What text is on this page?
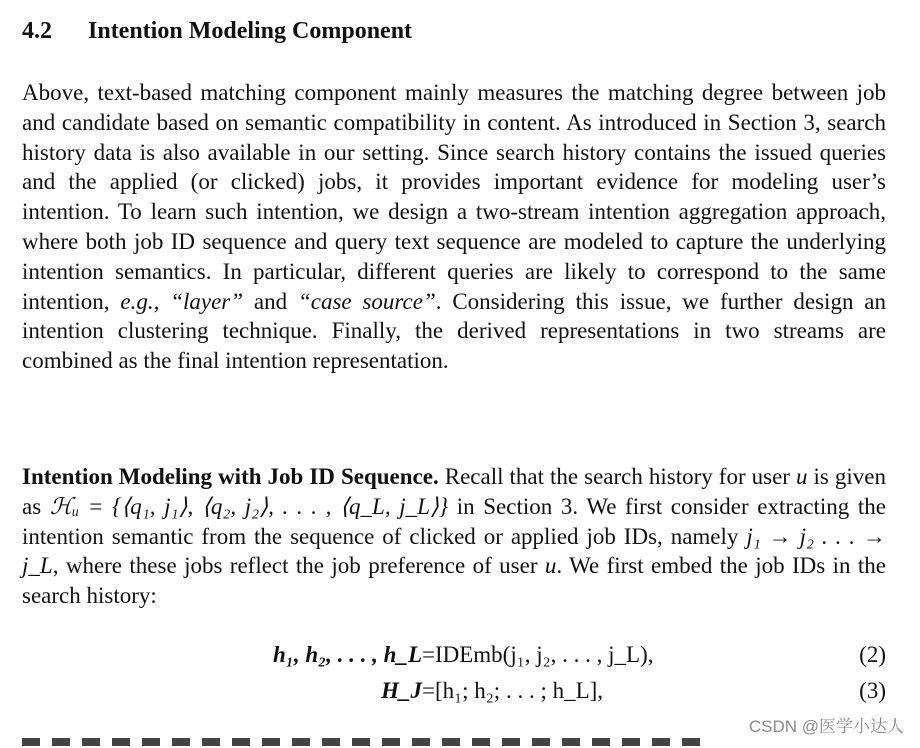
4.2 Intention Modeling Component

Above, text-based matching component mainly measures the matching degree between job and candidate based on semantic compatibility in content. As introduced in Section 3, search history data is also available in our setting. Since search history contains the issued queries and the applied (or clicked) jobs, it provides important evidence for modeling user’s intention. To learn such intention, we design a two-stream intention aggregation approach, where both job ID sequence and query text sequence are modeled to capture the underlying intention semantics. In particular, different queries are likely to correspond to the same intention, e.g., “layer” and “case source”. Considering this issue, we further design an intention clustering technique. Finally, the derived representations in two streams are combined as the final intention representation.

Intention Modeling with Job ID Sequence. Recall that the search history for user u is given as ℋᵤ = {⟨q₁, j₁⟩, ⟨q₂, j₂⟩, . . . , ⟨q_L, j_L⟩} in Section 3. We first consider extracting the intention semantic from the sequence of clicked or applied job IDs, namely j₁ → j₂ . . . → j_L, where these jobs reflect the job preference of user u. We first embed the job IDs in the search history:

h₁, h₂, . . . , h_L =IDEmb(j₁, j₂, . . . , j_L),	(2)
H_J =[h₁; h₂; . . . ; h_L],	(3)
CSDN @医学小达人
